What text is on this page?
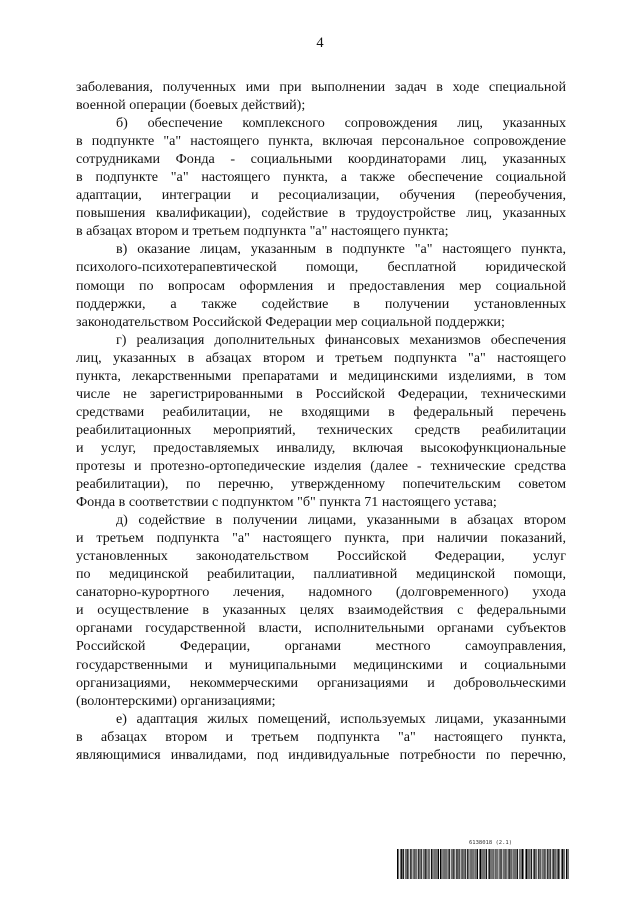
4
заболевания, полученных ими при выполнении задач в ходе специальной
военной операции (боевых действий);
б) обеспечение комплексного сопровождения лиц, указанных
в подпункте "а" настоящего пункта, включая персональное сопровождение
сотрудниками Фонда - социальными координаторами лиц, указанных
в подпункте "а" настоящего пункта, а также обеспечение социальной
адаптации, интеграции и ресоциализации, обучения (переобучения,
повышения квалификации), содействие в трудоустройстве лиц, указанных
в абзацах втором и третьем подпункта "а" настоящего пункта;
в) оказание лицам, указанным в подпункте "а" настоящего пункта,
психолого-психотерапевтической помощи, бесплатной юридической
помощи по вопросам оформления и предоставления мер социальной
поддержки, а также содействие в получении установленных
законодательством Российской Федерации мер социальной поддержки;
г) реализация дополнительных финансовых механизмов обеспечения
лиц, указанных в абзацах втором и третьем подпункта "а" настоящего
пункта, лекарственными препаратами и медицинскими изделиями, в том
числе не зарегистрированными в Российской Федерации, техническими
средствами реабилитации, не входящими в федеральный перечень
реабилитационных мероприятий, технических средств реабилитации
и услуг, предоставляемых инвалиду, включая высокофункциональные
протезы и протезно-ортопедические изделия (далее - технические средства
реабилитации), по перечню, утвержденному попечительским советом
Фонда в соответствии с подпунктом "б" пункта 71 настоящего устава;
д) содействие в получении лицами, указанными в абзацах втором
и третьем подпункта "а" настоящего пункта, при наличии показаний,
установленных законодательством Российской Федерации, услуг
по медицинской реабилитации, паллиативной медицинской помощи,
санаторно-курортного лечения, надомного (долговременного) ухода
и осуществление в указанных целях взаимодействия с федеральными
органами государственной власти, исполнительными органами субъектов
Российской Федерации, органами местного самоуправления,
государственными и муниципальными медицинскими и социальными
организациями, некоммерческими организациями и добровольческими
(волонтерскими) организациями;
е) адаптация жилых помещений, используемых лицами, указанными
в абзацах втором и третьем подпункта "а" настоящего пункта,
являющимися инвалидами, под индивидуальные потребности по перечню,
6138018 (2.1)
